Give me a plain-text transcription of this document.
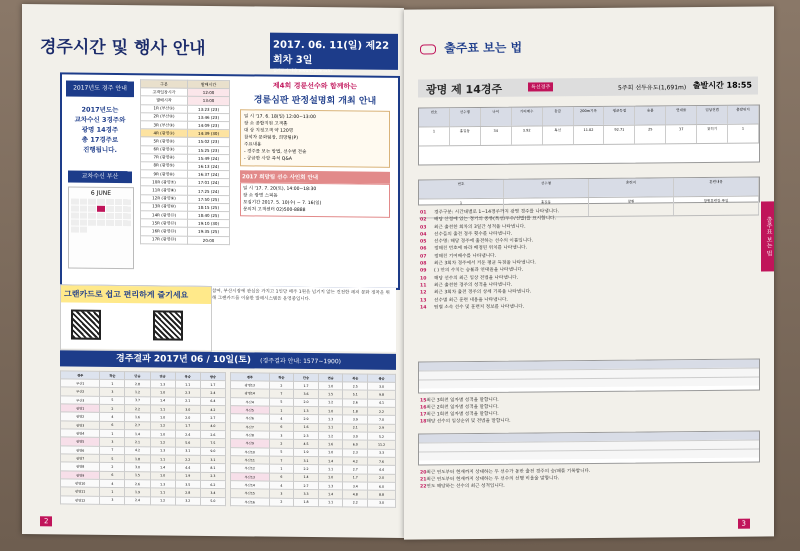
경주시간 및 행사 안내	2017. 06. 11(일) 제22회차 3일
일러두기 내용 www.kcycle.or.kr
2017년도 경주 안내
2017년도는
교차수신 3경주와
광명 14경주
총 17경주로
진행됩니다.
교차수신 부산
6 JUNE
구분	발매시간
고객입장시각	12:00
발매시작	13:00
1R (부산①)	13:23 (23)
2R (부산②)	13:46 (23)
3R (부산③)	14:09 (23)
4R (광명①)	14:39 (30)
5R (광명②)	15:02 (23)
6R (광명③)	15:25 (23)
7R (광명④)	15:49 (24)
8R (광명⑤)	16:13 (24)
9R (광명⑥)	16:37 (24)
10R (광명⑦)	17:01 (24)
11R (광명⑧)	17:25 (24)
12R (광명⑨)	17:50 (25)
13R (광명⑩)	18:15 (25)
14R (광명⑪)	18:40 (25)
15R (광명⑫)	19:10 (30)
16R (광명⑬)	19:35 (25)
17R (광명⑭)	20:00
제4회 경륜선수와 함께하는
경륜심판 판정설명회 개최 안내
일 시 '17. 6. 18(일) 12:00~13:00
장 소 종합지원 고객홀
대 상 지정고객 약 120명
참석자 문화팀장, 희망팀(P)
주요내용
- 경주를 보는 방법, 선수별 전술
- 궁금한 사항 즉석 Q&A
2017 희망팀 선수 사인회 안내
일 시 '17. 7. 20(토), 14:00~18:30
장 소 광명 스피돔
모집기간 2017. 5. 10(수) ~ 7. 16(일)
문의처 고객센터 02)500-8888
그랜카드로 쉽고 편리하게 즐기세요	참여, 부산시장에 관심을 가지고 1인당 매주 1원을 넘기지 않는 건전한 레저 문화 정착을 위해 그랜카드를 이용한 발매시스템을 운영중입니다.
경주결과 2017년 06 / 10일(토) (경주결과 안내: 1577~1900)
경주	착순	단승	연승	복승	쌍승
부산1	1	2.8	1.3	1.1	1.7
부산2	3	1.2	1.0	2.3	2.4
부산3	5	3.7	1.4	2.1	6.4
광명1	2	2.2	1.1	3.0	4.2
광명2	4	1.6	1.0	2.0	2.7
광명3	6	2.7	1.2	1.7	4.0
광명4	1	1.4	1.0	2.4	2.6
광명5	3	2.1	1.2	5.6	7.5
광명6	7	4.2	1.3	3.1	9.0
광명7	5	1.8	1.1	2.2	3.1
광명8	2	3.0	1.4	4.4	8.1
광명9	6	1.5	1.0	1.9	2.3
광명10	4	2.6	1.3	3.5	6.2
광명11	1	1.9	1.1	2.8	3.4
광명12	3	2.4	1.2	3.2	5.0
경주	착순	단승	연승	복승	쌍승
광명13	2	1.7	1.0	2.5	3.0
광명14	7	3.6	1.5	5.1	9.8
부산4	5	2.0	1.2	2.6	4.1
부산5	1	1.3	1.0	1.8	2.2
부산6	4	2.9	1.3	3.9	7.0
부산7	6	1.6	1.1	2.1	2.9
부산8	3	2.3	1.2	3.0	5.2
부산9	2	4.5	1.6	6.0	11.2
부산10	5	1.9	1.0	2.3	3.3
부산11	7	3.1	1.4	4.2	7.6
부산12	1	2.2	1.1	2.7	4.4
부산13	6	1.4	1.0	1.7	2.0
부산14	4	2.7	1.3	3.4	6.0
부산15	3	3.3	1.4	4.8	8.8
부산16	2	1.8	1.1	2.2	3.0
2
출주표 보는 법
광명 제 14경주	특선경주	5주회 선두유도(1,691m) 출발시간 18:55
번호	선수명	나이	기어배수	등급	200m기록	평균득점	승률	연대율	입상전법	출발위치
1	홍길동	34	3.92	특선	11.02	92.71	25	37	젖히기	1
번호	선수명	훈련지	훈련내용
1	홍길동	창원	창원훈련장 투입
01 경주구분: 시간대별로 1~14경주까지 광명 경주를 나타냅니다.
02 배당 산정에 있는 경기의 종류(특선/우수/선발)를 표시합니다.
03 최근 출전한 회차의 3일간 성적을 나타냅니다.
04 선수들의 출전 경주 횟수를 나타냅니다.
05 선수명: 해당 경주에 출전하는 선수의 이름입니다.
06 정해진 번호에 따라 배정된 위치를 나타냅니다.
07 정해진 기어배수를 나타냅니다.
08 최근 3회차 경주에서 거둔 평균 득점을 나타냅니다.
09 ( ) 안의 수치는 승률과 연대율을 나타냅니다.
10 해당 선수의 최근 입상 전법을 나타냅니다.
11 최근 출전한 경주의 성적을 나타냅니다.
12 최근 3회차 출전 경주의 상세 기록을 나타냅니다.
13 선수별 최근 훈련 내용을 나타냅니다.
14 팀별 소속 선수 및 훈련지 정보를 나타냅니다.
15최근 3회전 일자별 성적을 말합니다.
16최근 2회전 일자별 성적을 말합니다.
17최근 1회전 일자별 성적을 말합니다.
18해당 선수의 입상순위 및 전법을 말합니다.
20최근 연도부터 현재까지 상대하는 두 선수가 동반 출전 경주의 승/패를 기록합니다.
21최근 연도부터 현재까지 상대하는 두 선수의 선행 비율을 말합니다.
22연도 해당하는 선수의 최근 성적입니다.
출주표 보는 법
3
